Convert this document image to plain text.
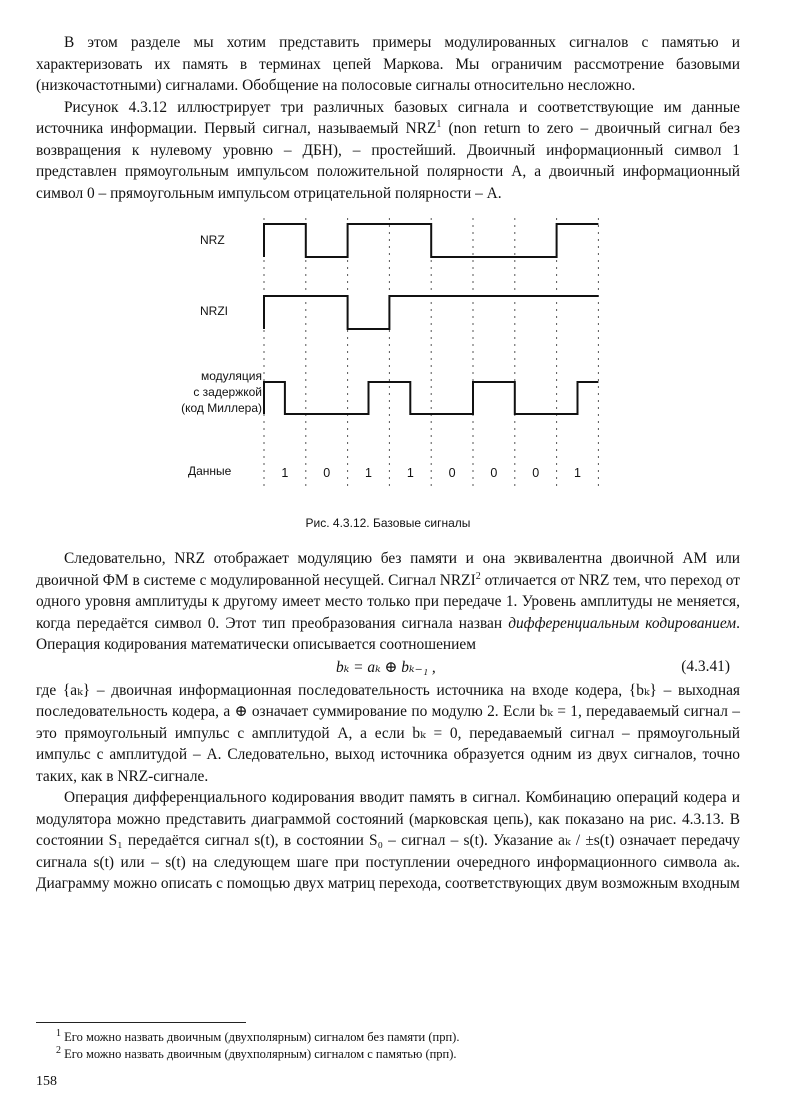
В этом разделе мы хотим представить примеры модулированных сигналов с памятью и характеризовать их память в терминах цепей Маркова. Мы ограничим рассмотрение базовыми (низкочастотными) сигналами. Обобщение на полосовые сигналы относительно несложно.

Рисунок 4.3.12 иллюстрирует три различных базовых сигнала и соответствующие им данные источника информации. Первый сигнал, называемый NRZ$^1$ (non return to zero – двоичный сигнал без возвращения к нулевому уровню – ДБН), – простейший. Двоичный информационный символ 1 представлен прямоугольным импульсом положительной полярности A, а двоичный информационный символ 0 – прямоугольным импульсом отрицательной полярности – A.

NRZ
NRZI
модуляция
с задержкой
(код Миллера)
Данные	1	0	1	1	0	0	0	1
Рис. 4.3.12. Базовые сигналы

Следовательно, NRZ отображает модуляцию без памяти и она эквивалентна двоичной АМ или двоичной ФМ в системе с модулированной несущей. Сигнал NRZI$^2$ отличается от NRZ тем, что переход от одного уровня амплитуды к другому имеет место только при передаче 1. Уровень амплитуды не меняется, когда передаётся символ 0. Этот тип преобразования сигнала назван дифференциальным кодированием. Операция кодирования математически описывается соотношением

bₖ = aₖ ⊕ bₖ₋₁ ,	(4.3.41)

где {aₖ} – двоичная информационная последовательность источника на входе кодера, {bₖ} – выходная последовательность кодера, а ⊕ означает суммирование по модулю 2. Если bₖ = 1, передаваемый сигнал – это прямоугольный импульс с амплитудой A, а если bₖ = 0, передаваемый сигнал – прямоугольный импульс с амплитудой – A. Следовательно, выход источника образуется одним из двух сигналов, точно таких, как в NRZ-сигнале.

Операция дифференциального кодирования вводит память в сигнал. Комбинацию операций кодера и модулятора можно представить диаграммой состояний (марковская цепь), как показано на рис. 4.3.13. В состоянии S₁ передаётся сигнал s(t), в состоянии S₀ – сигнал – s(t). Указание aₖ / ±s(t) означает передачу сигнала s(t) или – s(t) на следующем шаге при поступлении очередного информационного символа aₖ. Диаграмму можно описать с помощью двух матриц перехода, соответствующих двум возможным входным

$^1$ Его можно назвать двоичным (двухполярным) сигналом без памяти (прп).
$^2$ Его можно назвать двоичным (двухполярным) сигналом с памятью (прп).
158
